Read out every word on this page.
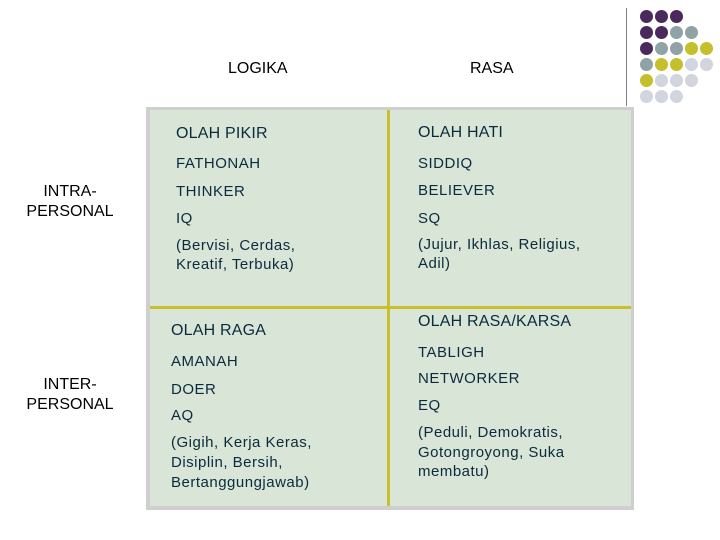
LOGIKA	RASA
INTRA-
PERSONAL
INTER-
PERSONAL
OLAH PIKIR
FATHONAH
THINKER
IQ
(Bervisi, Cerdas,
Kreatif, Terbuka)
OLAH HATI
SIDDIQ
BELIEVER
SQ
(Jujur, Ikhlas, Religius,
Adil)
OLAH RAGA
AMANAH
DOER
AQ
(Gigih, Kerja Keras,
Disiplin, Bersih,
Bertanggungjawab)
OLAH RASA/KARSA
TABLIGH
NETWORKER
EQ
(Peduli, Demokratis,
Gotongroyong, Suka
membatu)
